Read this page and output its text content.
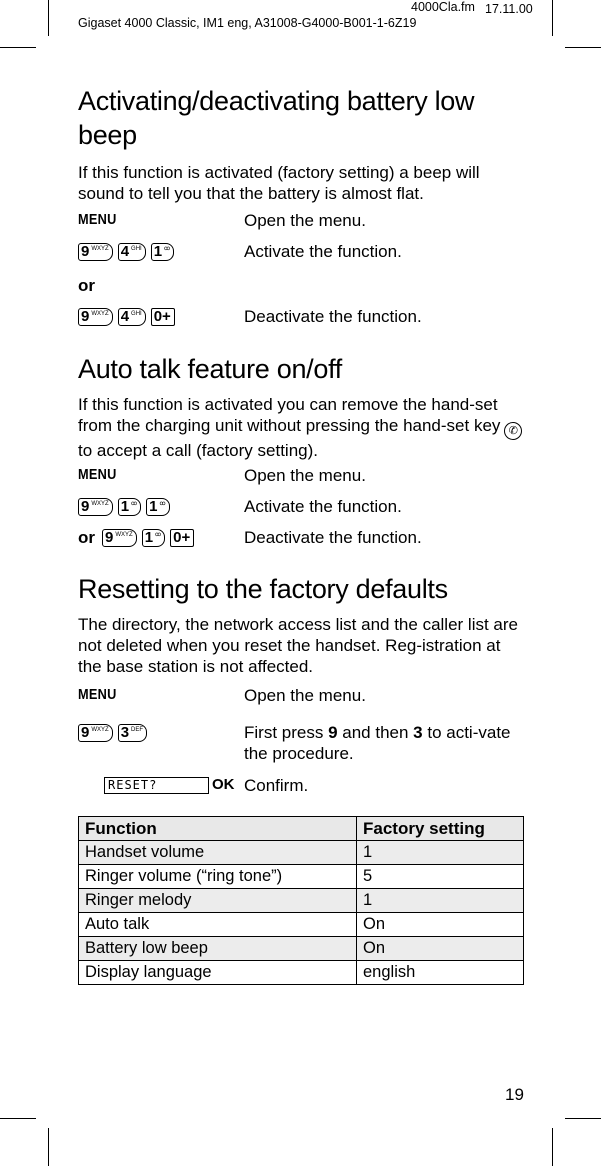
4000Cla.fm 17.11.00
Gigaset 4000 Classic, IM1 eng, A31008-G4000-B001-1-6Z19
Activating/deactivating battery low beep
If this function is activated (factory setting) a beep will sound to tell you that the battery is almost flat.
MENU	Open the menu.
9 WXYZ 4 GHI 1 ꝏ	Activate the function.
or
9 WXYZ 4 GHI 0+	Deactivate the function.
Auto talk feature on/off
If this function is activated you can remove the hand-set from the charging unit without pressing the hand-set key ✆to accept a call (factory setting).
MENU	Open the menu.
9 WXYZ 1 ꝏ 1 ꝏ	Activate the function.
or 9 WXYZ 1 ꝏ 0+	Deactivate the function.
Resetting to the factory defaults
The directory, the network access list and the caller list are not deleted when you reset the handset. Reg-istration at the base station is not affected.
MENU	Open the menu.
9 WXYZ 3 DEF	First press 9 and then 3 to acti-vate the procedure.
RESET?	OK Confirm.
Function	Factory setting
Handset volume	1
Ringer volume (“ring tone”)	5
Ringer melody	1
Auto talk	On
Battery low beep	On
Display language	english
19
